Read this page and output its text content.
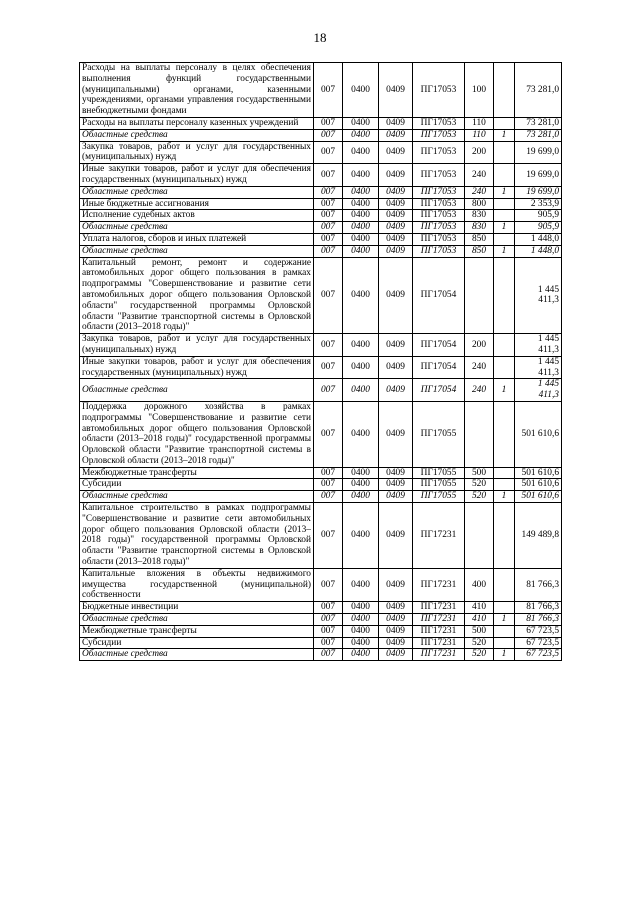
18
Расходы на выплаты персоналу в целях обеспечения выполнения функций государственными (муниципальными) органами, казенными учреждениями, органами управления государственными внебюджетными фондами	007	0400	0409	ПГ17053	100		73 281,0
Расходы на выплаты персоналу казенных учреждений	007	0400	0409	ПГ17053	110		73 281,0
Областные средства	007	0400	0409	ПГ17053	110	1	73 281,0
Закупка товаров, работ и услуг для государственных (муниципальных) нужд	007	0400	0409	ПГ17053	200		19 699,0
Иные закупки товаров, работ и услуг для обеспечения государственных (муниципальных) нужд	007	0400	0409	ПГ17053	240		19 699,0
Областные средства	007	0400	0409	ПГ17053	240	1	19 699,0
Иные бюджетные ассигнования	007	0400	0409	ПГ17053	800		2 353,9
Исполнение судебных актов	007	0400	0409	ПГ17053	830		905,9
Областные средства	007	0400	0409	ПГ17053	830	1	905,9
Уплата налогов, сборов и иных платежей	007	0400	0409	ПГ17053	850		1 448,0
Областные средства	007	0400	0409	ПГ17053	850	1	1 448,0
Капитальный ремонт, ремонт и содержание автомобильных дорог общего пользования в рамках подпрограммы "Совершенствование и развитие сети автомобильных дорог общего пользования Орловской области" государственной программы Орловской области "Развитие транспортной системы в Орловской области (2013–2018 годы)"	007	0400	0409	ПГ17054			1 445 411,3
Закупка товаров, работ и услуг для государственных (муниципальных) нужд	007	0400	0409	ПГ17054	200		1 445 411,3
Иные закупки товаров, работ и услуг для обеспечения государственных (муниципальных) нужд	007	0400	0409	ПГ17054	240		1 445 411,3
Областные средства	007	0400	0409	ПГ17054	240	1	1 445 411,3
Поддержка дорожного хозяйства в рамках подпрограммы "Совершенствование и развитие сети автомобильных дорог общего пользования Орловской области (2013–2018 годы)" государственной программы Орловской области "Развитие транспортной системы в Орловской области (2013–2018 годы)"	007	0400	0409	ПГ17055			501 610,6
Межбюджетные трансферты	007	0400	0409	ПГ17055	500		501 610,6
Субсидии	007	0400	0409	ПГ17055	520		501 610,6
Областные средства	007	0400	0409	ПГ17055	520	1	501 610,6
Капитальное строительство в рамках подпрограммы "Совершенствование и развитие сети автомобильных дорог общего пользования Орловской области (2013–2018 годы)" государственной программы Орловской области "Развитие транспортной системы в Орловской области (2013–2018 годы)"	007	0400	0409	ПГ17231			149 489,8
Капитальные вложения в объекты недвижимого имущества государственной (муниципальной) собственности	007	0400	0409	ПГ17231	400		81 766,3
Бюджетные инвестиции	007	0400	0409	ПГ17231	410		81 766,3
Областные средства	007	0400	0409	ПГ17231	410	1	81 766,3
Межбюджетные трансферты	007	0400	0409	ПГ17231	500		67 723,5
Субсидии	007	0400	0409	ПГ17231	520		67 723,5
Областные средства	007	0400	0409	ПГ17231	520	1	67 723,5
